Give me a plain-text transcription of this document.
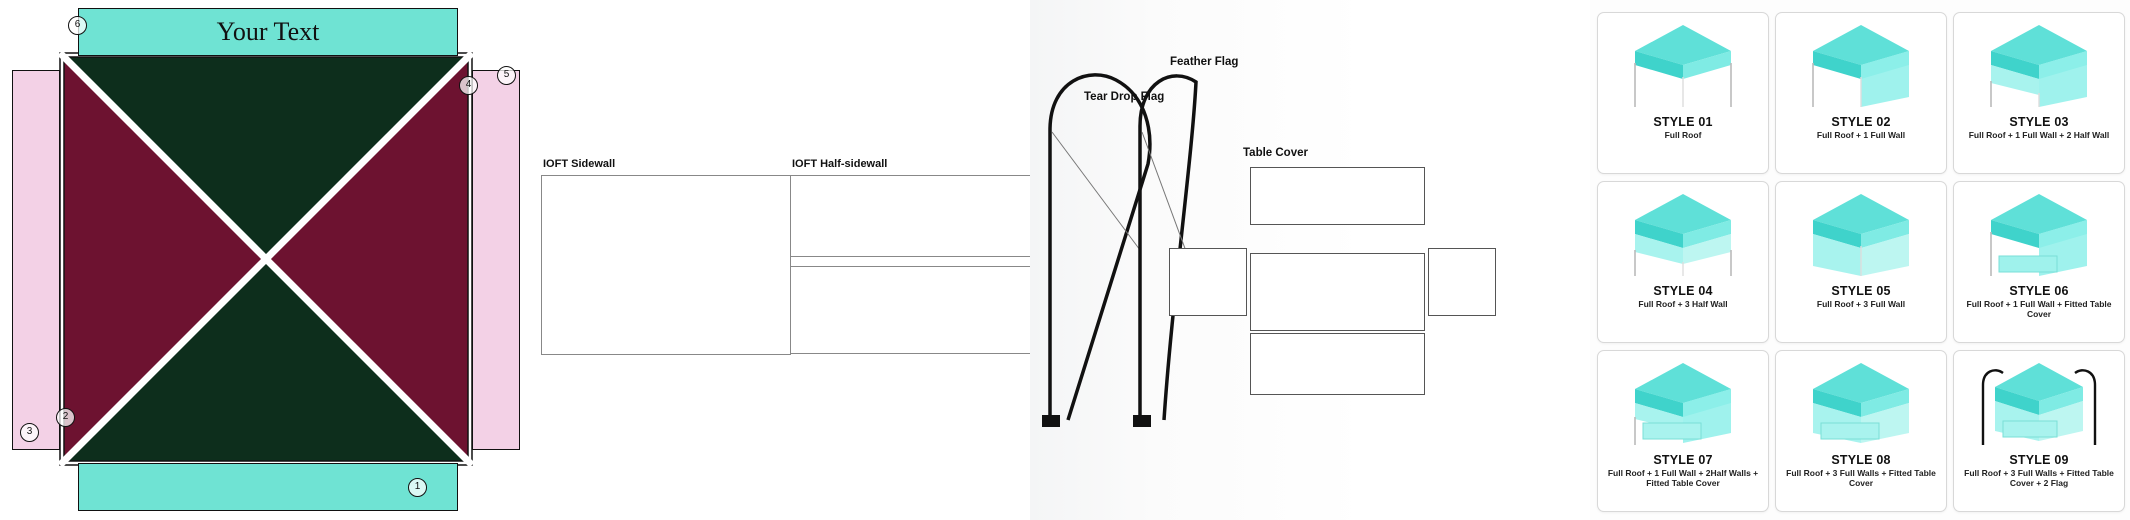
Your Text
6
5
4
3
2
1
IOFT Sidewall	IOFT Half-sidewall
Tear Drop Flag
Feather Flag
Table Cover
STYLE 01
Full Roof
STYLE 02
Full Roof + 1 Full Wall
STYLE 03
Full Roof + 1 Full Wall + 2 Half Wall
STYLE 04
Full Roof + 3 Half Wall
STYLE 05
Full Roof + 3 Full Wall
STYLE 06
Full Roof + 1 Full Wall + Fitted Table Cover
STYLE 07
Full Roof + 1 Full Wall + 2Half Walls + Fitted Table Cover
STYLE 08
Full Roof + 3 Full Walls + Fitted Table Cover
STYLE 09
Full Roof + 3 Full Walls + Fitted Table Cover + 2 Flag
